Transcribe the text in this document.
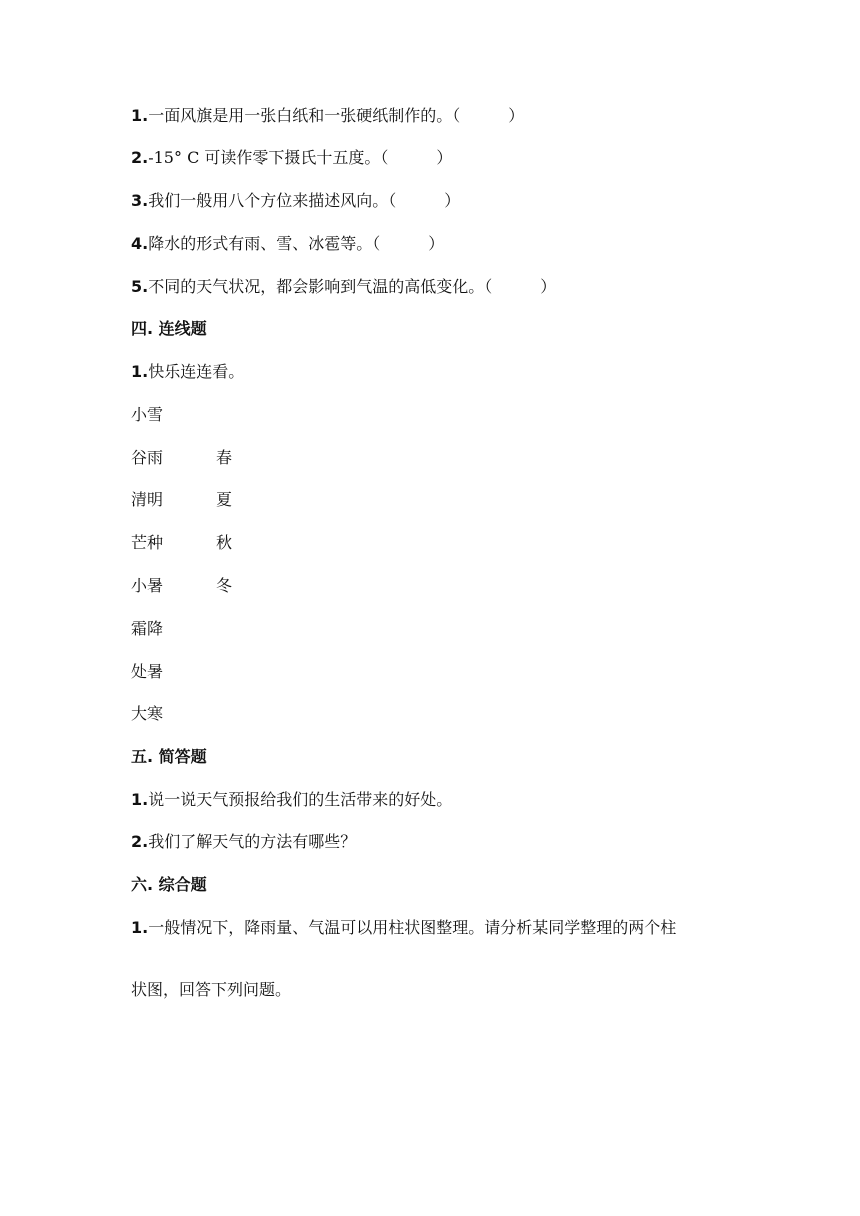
1.一面风旗是用一张白纸和一张硬纸制作的。（　　　）
2.-15° C 可读作零下摄氏十五度。（　　　）
3.我们一般用八个方位来描述风向。（　　　）
4.降水的形式有雨、雪、冰雹等。（　　　）
5.不同的天气状况，都会影响到气温的高低变化。（　　　）
四. 连线题
1.快乐连连看。
小雪
谷雨
清明
芒种
小暑
霜降
处暑
大寒
春
夏
秋
冬
五. 简答题
1.说一说天气预报给我们的生活带来的好处。
2.我们了解天气的方法有哪些？
六. 综合题
1.一般情况下，降雨量、气温可以用柱状图整理。请分析某同学整理的两个柱
状图，回答下列问题。
